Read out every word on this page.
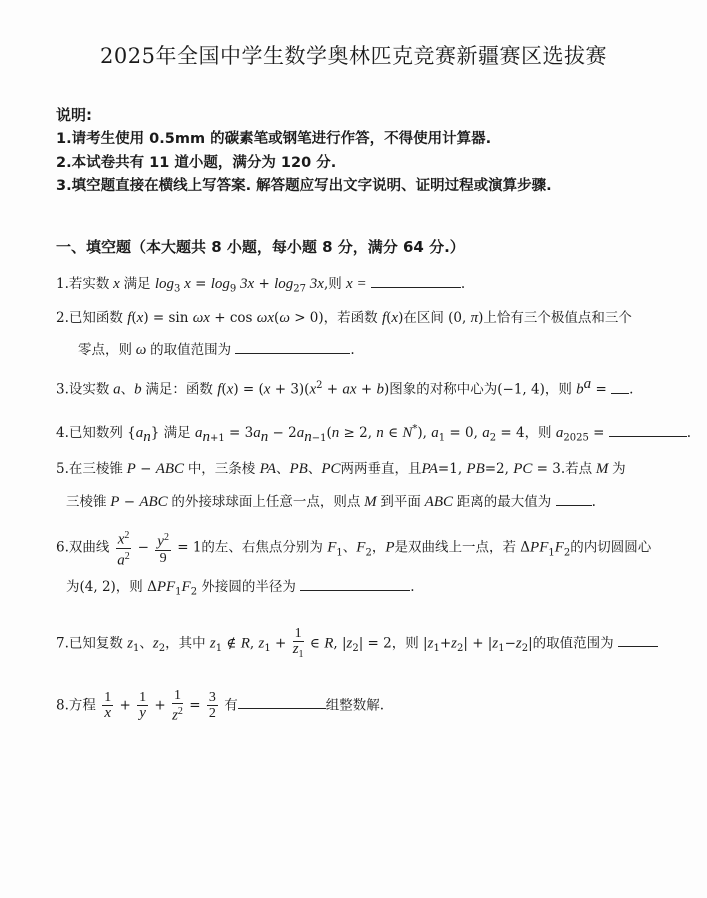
2025年全国中学生数学奥林匹克竞赛新疆赛区选拔赛
说明:
1.请考生使用 0.5mm 的碳素笔或钢笔进行作答，不得使用计算器.
2.本试卷共有 11 道小题，满分为 120 分.
3.填空题直接在横线上写答案. 解答题应写出文字说明、证明过程或演算步骤.
一、填空题（本大题共 8 小题，每小题 8 分，满分 64 分.）
1.若实数 x 满足 $\log_3 x = \log_9 3x + \log_{27} 3x$,则 x =	.
2.已知函数 f(x) = sin ωx + cos ωx(ω > 0)，若函数 f(x)在区间 (0, π)上恰有三个极值点和三个
零点，则 ω 的取值范围为	.
3.设实数 a、b 满足：函数 $f(x) = (x + 3)(x^2$ + ax + b)图象的对称中心为(−1, 4)，则 $b^a$ = .
4.已知数列 $\{a_n\}$ 满足 $a_{n+1} = 3a_n - 2a_{n-1}(n \ge 2$, n ∈ N*), $a_1 = 0$, $a_2 = 4$，则 $a_{2025}$ =	.
5.在三棱锥 P − ABC 中，三条棱 PA、PB、PC两两垂直，且PA=1, PB=2, PC = 3.若点 M 为
三棱锥 P − ABC 的外接球球面上任意一点，则点 M 到平面 ABC 距离的最大值为	.
6.双曲线 $\frac{x^2}{a^2} - \frac{y^2}{9} = 1$的左、右焦点分别为 $F_1$、$F_2$，P是双曲线上一点，若 $\Delta PF_1F_2$的内切圆圆心
为(4, 2)，则 $\Delta PF_1F_2$ 外接圆的半径为	.
7.已知复数 $z_1$、$z_2$，其中 $z_1$ ∉ R, $z_1 + \frac{1}{z_1}$ ∈ R, $|z_2| = 2$，则 $|z_1+z_2| + |z_1-z_2|$的取值范围为
8.方程 $\frac{1}{x} + \frac{1}{y} + \frac{1}{z^2} = \frac{3}{2}$ 有	组整数解.
